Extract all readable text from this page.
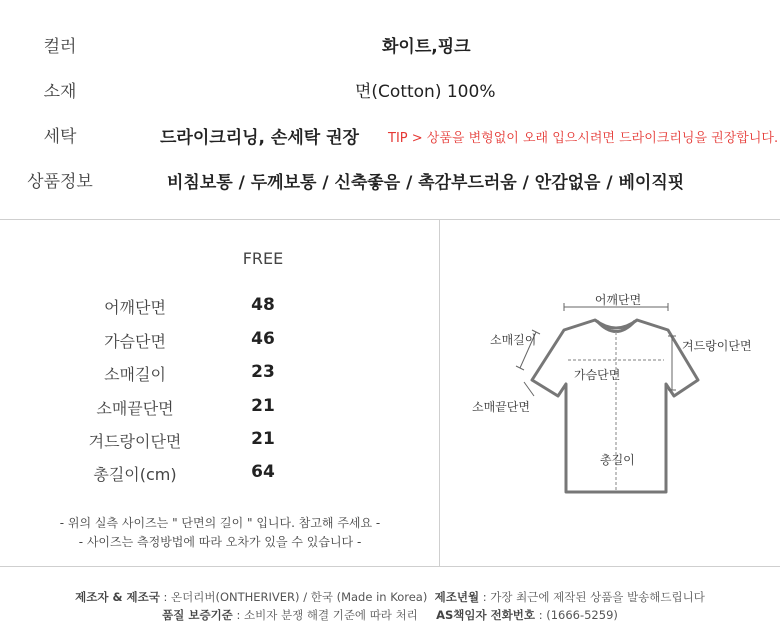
컬러	화이트,핑크
소재	면(Cotton) 100%
세탁	드라이크리닝, 손세탁 권장 TIP > 상품을 변형없이 오래 입으시려면 드라이크리닝을 권장합니다.
상품정보	비침보통 / 두께보통 / 신축좋음 / 촉감부드러움 / 안감없음 / 베이직핏
FREE
어깨단면	48
가슴단면	46
소매길이	23
소매끝단면	21
겨드랑이단면	21
총길이(cm)	64
- 위의 실측 사이즈는 " 단면의 길이 " 입니다. 참고해 주세요 -
- 사이즈는 측정방법에 따라 오차가 있을 수 있습니다 -
어깨단면
소매길이	겨드랑이단면
가슴단면
소매끝단면
총길이
제조자 & 제조국 : 온더리버(ONTHERIVER) / 한국 (Made in Korea) 제조년월 : 가장 최근에 제작된 상품을 발송해드립니다
품질 보증기준 : 소비자 분쟁 해결 기준에 따라 처리 AS책임자 전화번호 : (1666-5259)
